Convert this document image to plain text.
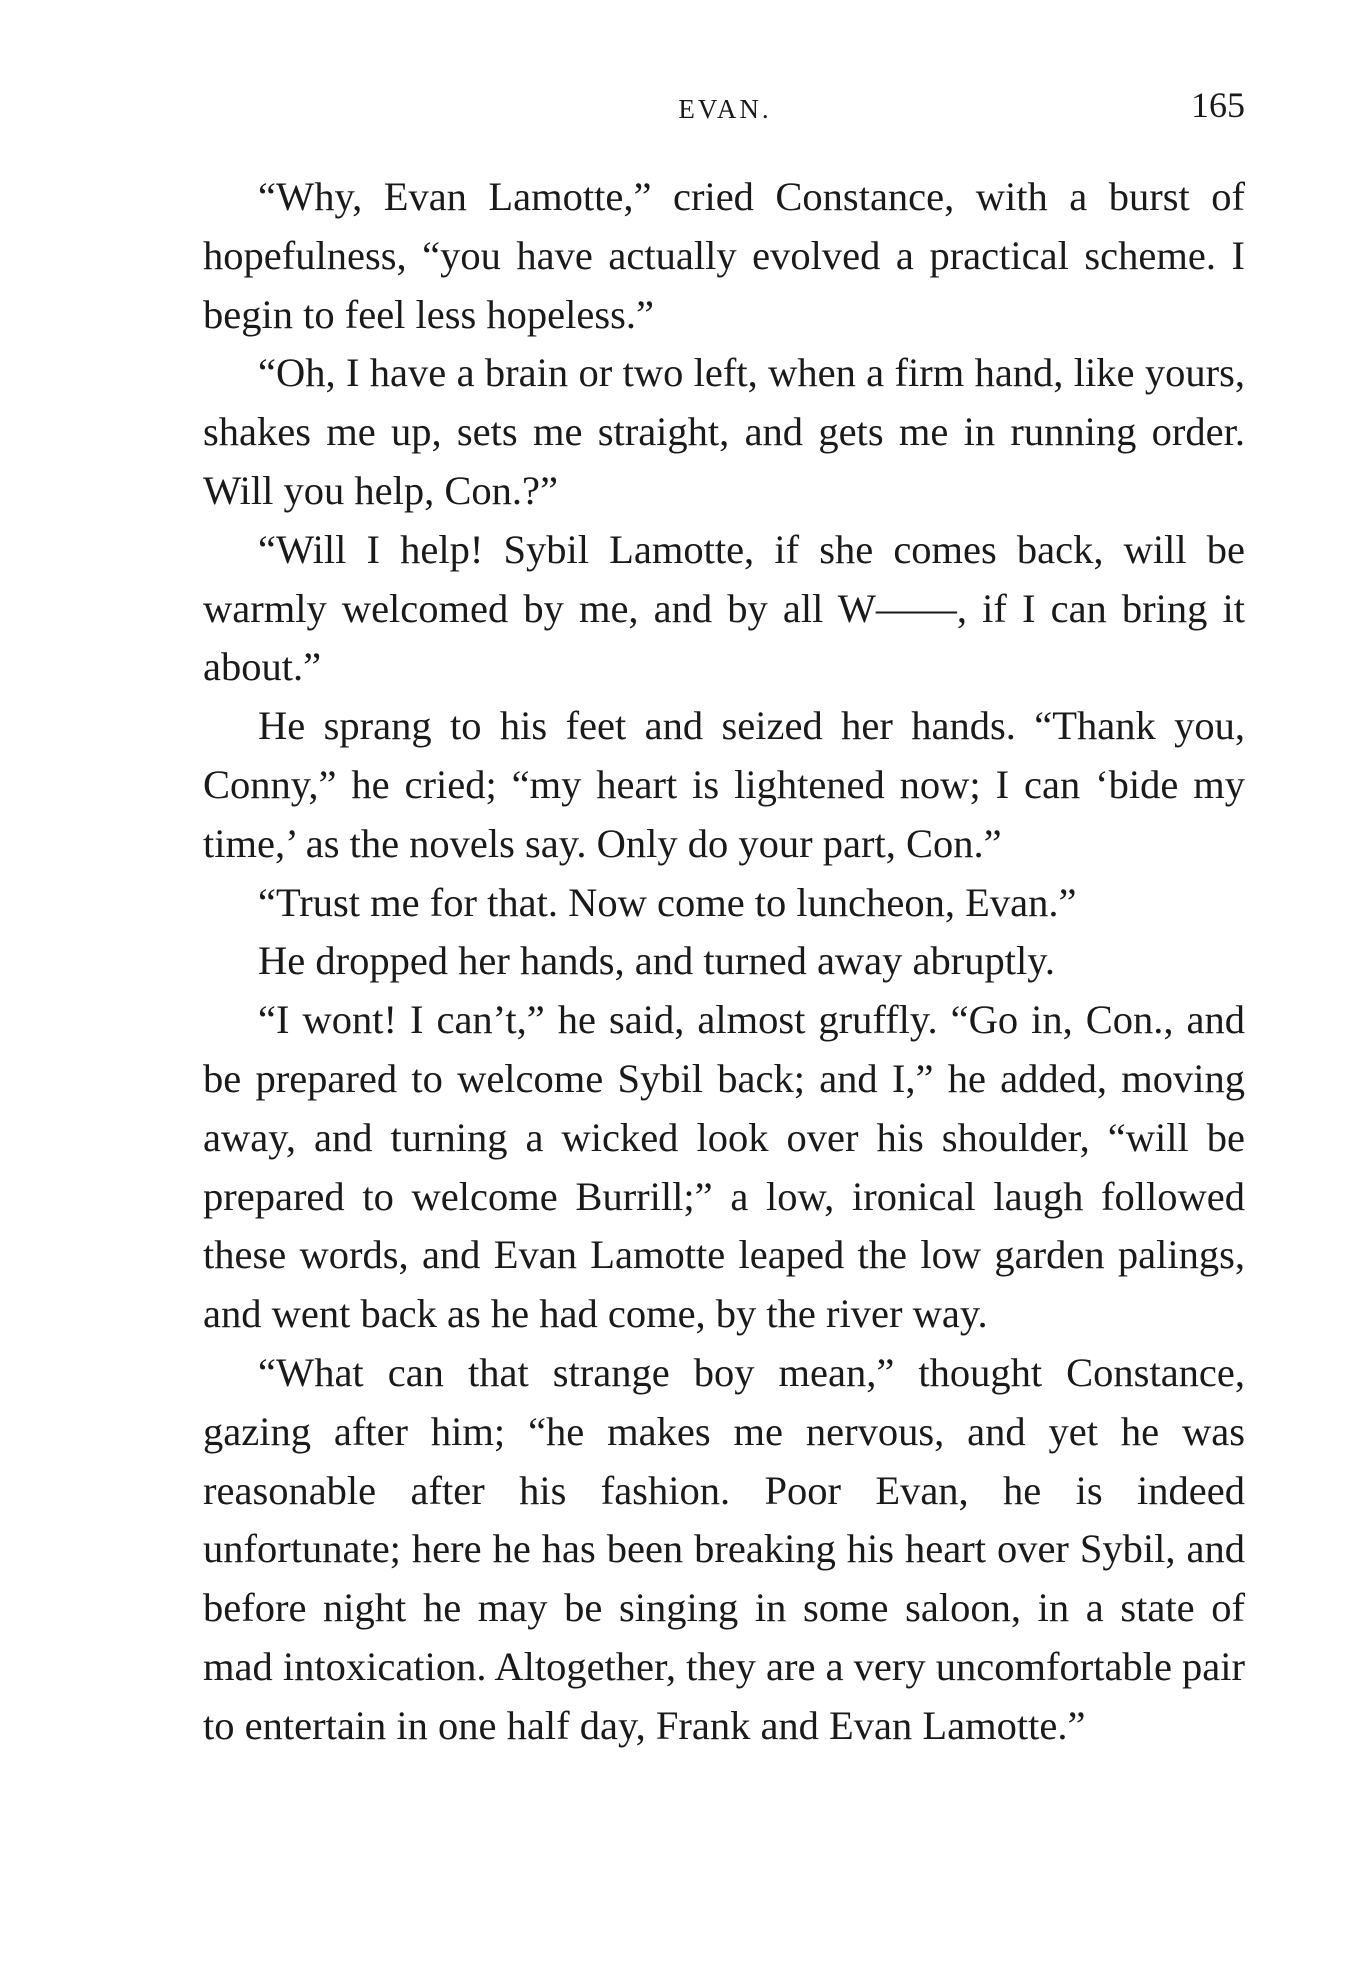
EVAN.	165

“Why, Evan Lamotte,” cried Constance, with a burst of hopefulness, “you have actually evolved a practical scheme. I begin to feel less hopeless.”

“Oh, I have a brain or two left, when a firm hand, like yours, shakes me up, sets me straight, and gets me in running order. Will you help, Con.?”

“Will I help! Sybil Lamotte, if she comes back, will be warmly welcomed by me, and by all W——, if I can bring it about.”

He sprang to his feet and seized her hands. “Thank you, Conny,” he cried; “my heart is lightened now; I can ‘bide my time,’ as the novels say. Only do your part, Con.”

“Trust me for that. Now come to luncheon, Evan.”

He dropped her hands, and turned away abruptly.

“I wont! I can’t,” he said, almost gruffly. “Go in, Con., and be prepared to welcome Sybil back; and I,” he added, moving away, and turning a wicked look over his shoulder, “will be prepared to welcome Burrill;” a low, ironical laugh followed these words, and Evan Lamotte leaped the low garden palings, and went back as he had come, by the river way.

“What can that strange boy mean,” thought Constance, gazing after him; “he makes me nervous, and yet he was reasonable after his fashion. Poor Evan, he is indeed unfortunate; here he has been breaking his heart over Sybil, and before night he may be singing in some saloon, in a state of mad intoxication. Altogether, they are a very uncomfortable pair to entertain in one half day, Frank and Evan Lamotte.”
